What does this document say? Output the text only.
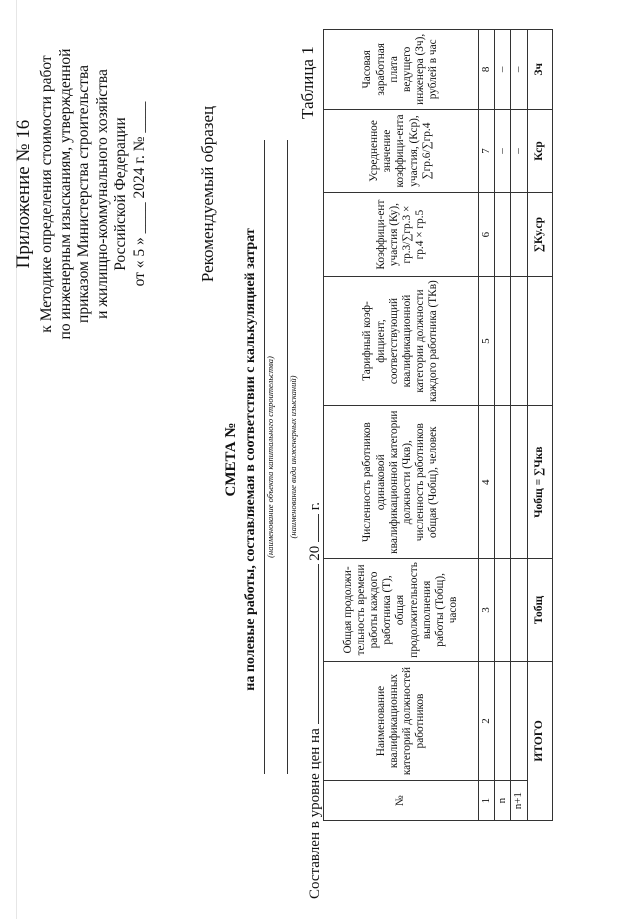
Приложение № 16 к Методике определения стоимости работ по инженерным изысканиям, утвержденной приказом Министерства строительства и жилищно-коммунального хозяйства Российской Федерации от « 5 » ____ 2024 г. № ____	Рекомендуемый образец
СМЕТА № на полевые работы, составляемая в соответствии с калькуляцией затрат (наименование объекта капитального строительства) (наименование вида инженерных изысканий)
Составлен в уровне цен на  20  г.
Таблица 1
№	Наименование квалификационных категорий должностей работников	Общая продолжи-тельность времени работы каждого работника (Т), общая продолжительность выполнения работы (Тобщ), часов	Численность работников одинаковой квалификационной категории должности (Чкв), численность работников общая (Чобщ), человек	Тарифный коэф-фициент, соответствующий квалификационной категории должности каждого работника (ТКв)	Коэффици-ент участия (Ку), гр.3/∑гр.3 × гр.4 × гр.5	Усредненное значение коэффици-ента участия, (Кср), ∑гр.6/∑гр.4	Часовая заработная плата ведущего инженера (Зч), рублей в час
1	2	3	4	5	6	7	8
n						–	–
n+1						–	–
ИТОГО		Тобщ	Чобщ = ∑Чкв		∑Ку.ср	Кср	Зч
